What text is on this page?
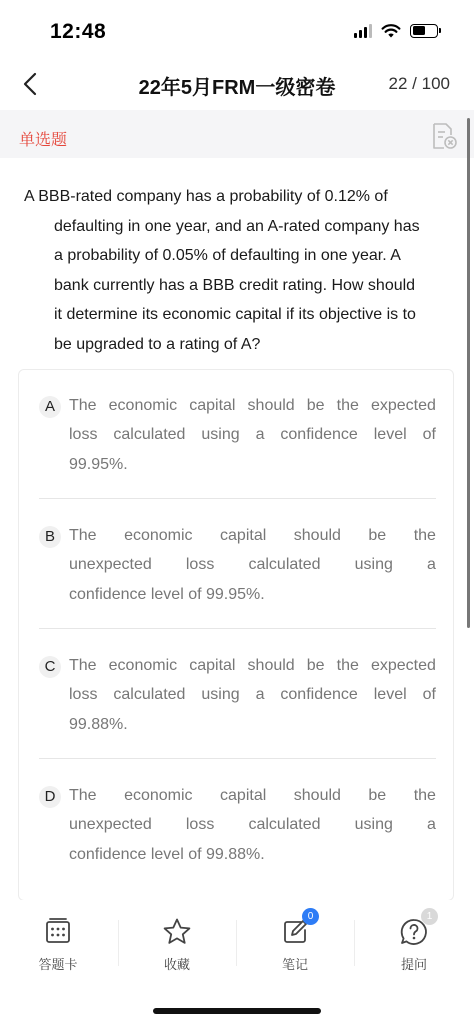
12:48
22年5月FRM一级密卷	22 / 100
单选题
A BBB-rated company has a probability of 0.12% of
defaulting in one year, and an A-rated company has
a probability of 0.05% of defaulting in one year. A
bank currently has a BBB credit rating. How should
it determine its economic capital if its objective is to
be upgraded to a rating of A?
A The economic capital should be the expected
loss calculated using a confidence level of
99.95%.
B The economic capital should be the
unexpected loss calculated using a
confidence level of 99.95%.
C The economic capital should be the expected
loss calculated using a confidence level of
99.88%.
D The economic capital should be the
unexpected loss calculated using a
confidence level of 99.88%.
答题卡	收藏
0
笔记
1
提问
